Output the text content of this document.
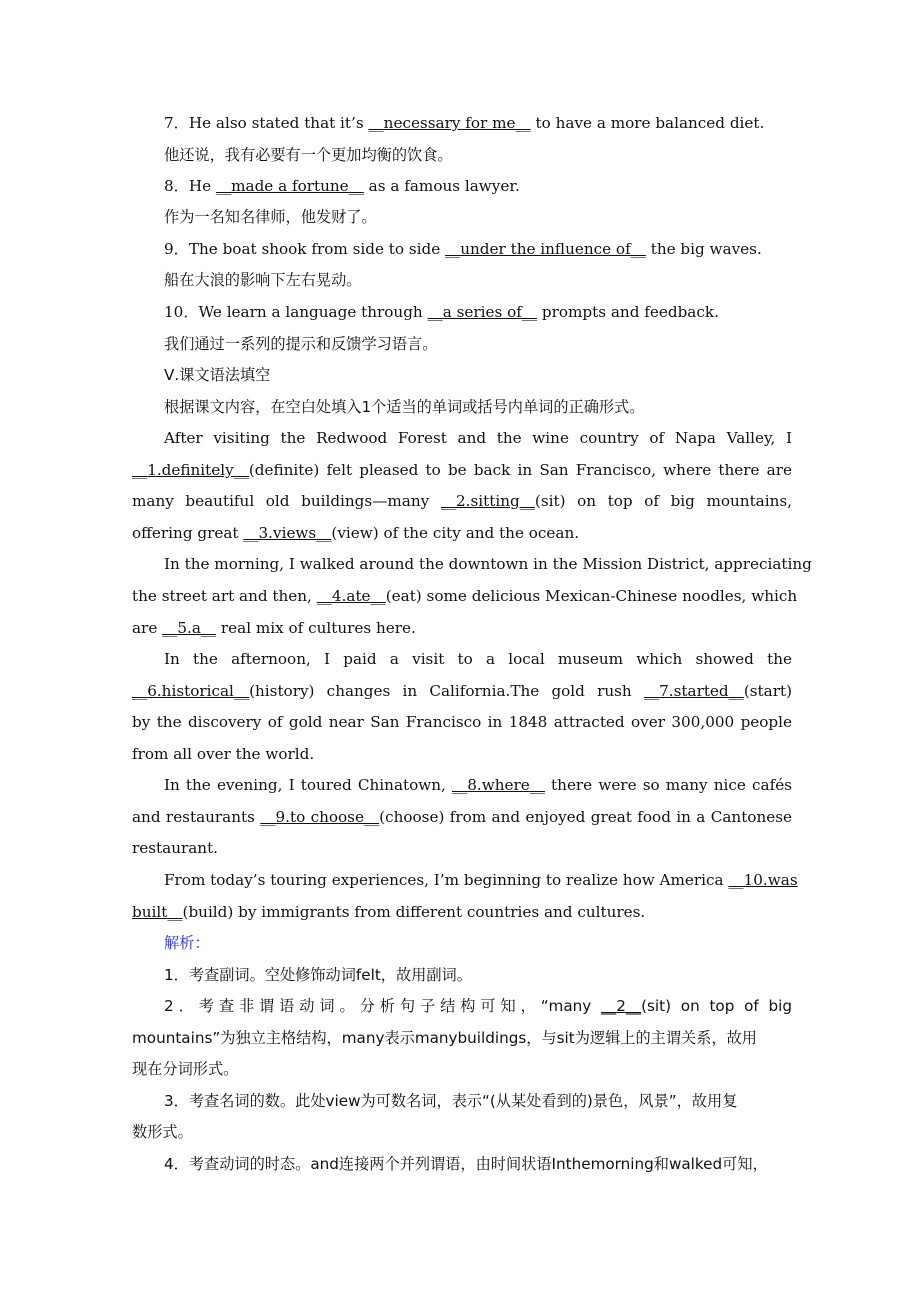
7．He also stated that it’s __necessary for me__ to have a more balanced diet.
他还说，我有必要有一个更加均衡的饮食。
8．He __made a fortune__ as a famous lawyer.
作为一名知名律师，他发财了。
9．The boat shook from side to side __under the influence of__ the big waves.
船在大浪的影响下左右晃动。
10．We learn a language through __a series of__ prompts and feedback.
我们通过一系列的提示和反馈学习语言。
Ⅴ.课文语法填空
根据课文内容，在空白处填入1个适当的单词或括号内单词的正确形式。
After visiting the Redwood Forest and the wine country of Napa Valley, I
__1.definitely__(definite) felt pleased to be back in San Francisco, where there are
many beautiful old buildings—many __2.sitting__(sit) on top of big mountains,
offering great __3.views__(view) of the city and the ocean.
In the morning, I walked around the downtown in the Mission District, appreciating
the street art and then, __4.ate__(eat) some delicious Mexican-Chinese noodles, which
are __5.a__ real mix of cultures here.
In the afternoon, I paid a visit to a local museum which showed the
__6.historical__(history) changes in California.The gold rush __7.started__(start)
by the discovery of gold near San Francisco in 1848 attracted over 300,000 people
from all over the world.
In the evening, I toured Chinatown, __8.where__ there were so many nice cafés
and restaurants __9.to choose__(choose) from and enjoyed great food in a Cantonese
restaurant.
From today’s touring experiences, I’m beginning to realize how America __10.was
built__(build) by immigrants from different countries and cultures.
解析：
1．考查副词。空处修饰动词felt，故用副词。
2．考查非谓语动词。分析句子结构可知，“many __2__(sit) on top of big
mountains”为独立主格结构，many表示manybuildings，与sit为逻辑上的主谓关系，故用
现在分词形式。
3．考查名词的数。此处view为可数名词，表示“(从某处看到的)景色，风景”，故用复
数形式。
4．考查动词的时态。and连接两个并列谓语，由时间状语Inthemorning和walked可知，
